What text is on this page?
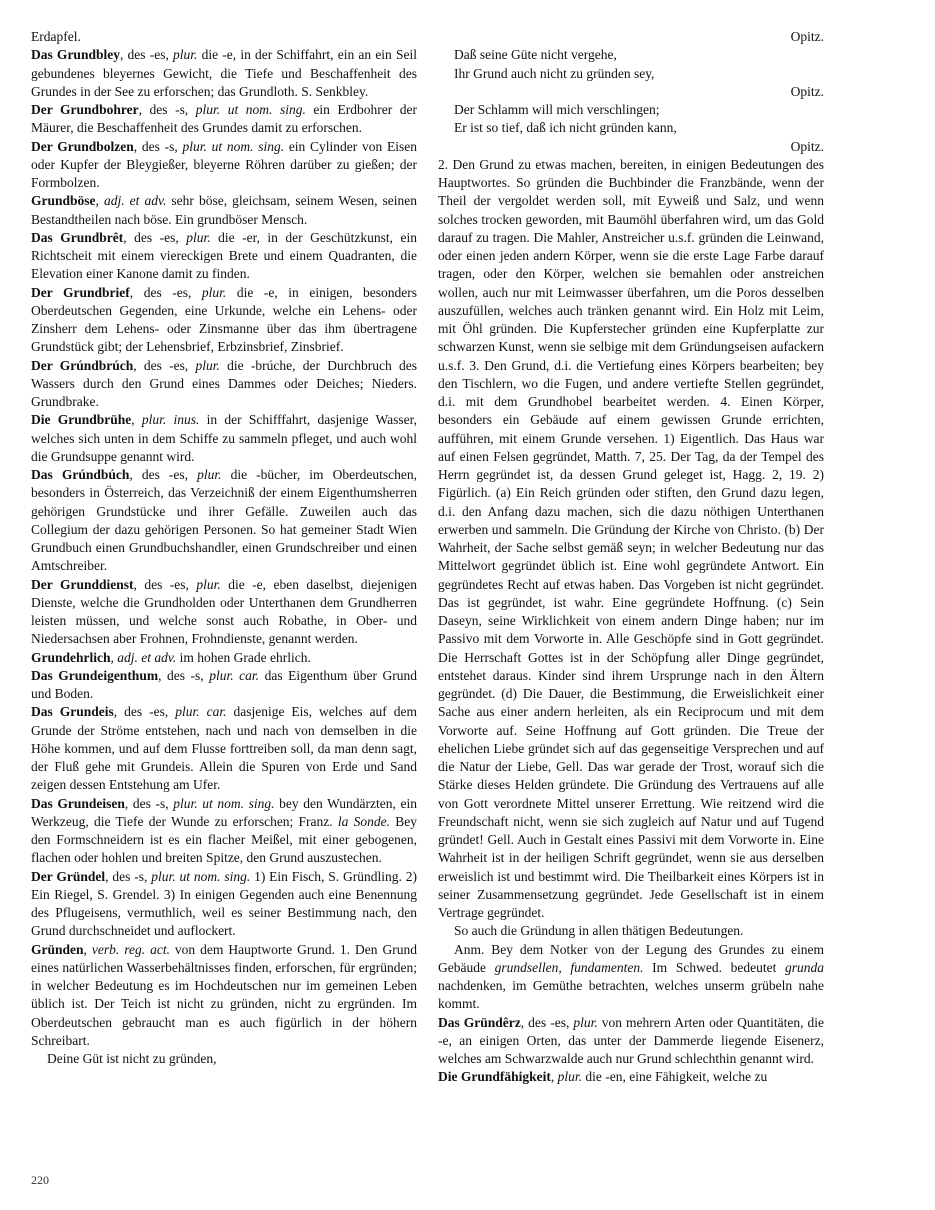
Erdapfel.
Das Grundbley, des -es, plur. die -e, in der Schiffahrt, ein an ein Seil gebundenes bleyernes Gewicht, die Tiefe und Beschaffenheit des Grundes in der See zu erforschen; das Grundloth. S. Senkbley.
Der Grundbohrer, des -s, plur. ut nom. sing. ein Erdbohrer der Mäurer, die Beschaffenheit des Grundes damit zu erforschen.
Der Grundbolzen, des -s, plur. ut nom. sing. ein Cylinder von Eisen oder Kupfer der Bleygießer, bleyerne Röhren darüber zu gießen; der Formbolzen.
Grundböse, adj. et adv. sehr böse, gleichsam, seinem Wesen, seinen Bestandtheilen nach böse. Ein grundböser Mensch.
Das Grundbrêt, des -es, plur. die -er, in der Geschützkunst, ein Richtscheit mit einem viereckigen Brete und einem Quadranten, die Elevation einer Kanone damit zu finden.
Der Grundbrief, des -es, plur. die -e, in einigen, besonders Oberdeutschen Gegenden, eine Urkunde, welche ein Lehens- oder Zinsherr dem Lehens- oder Zinsmanne über das ihm übertragene Grundstück gibt; der Lehensbrief, Erbzinsbrief, Zinsbrief.
Der Grúndbrúch, des -es, plur. die -brúche, der Durchbruch des Wassers durch den Grund eines Dammes oder Deiches; Nieders. Grundbrake.
Die Grundbrühe, plur. inus. in der Schifffahrt, dasjenige Wasser, welches sich unten in dem Schiffe zu sammeln pfleget, und auch wohl die Grundsuppe genannt wird.
Das Grúndbúch, des -es, plur. die -bücher, im Oberdeutschen, besonders in Österreich, das Verzeichniß der einem Eigenthumsherren gehörigen Grundstücke und ihrer Gefälle. Zuweilen auch das Collegium der dazu gehörigen Personen. So hat gemeiner Stadt Wien Grundbuch einen Grundbuchshandler, einen Grundschreiber und einen Amtschreiber.
Der Grunddienst, des -es, plur. die -e, eben daselbst, diejenigen Dienste, welche die Grundholden oder Unterthanen dem Grundherren leisten müssen, und welche sonst auch Robathe, in Ober- und Niedersachsen aber Frohnen, Frohndienste, genannt werden.
Grundehrlich, adj. et adv. im hohen Grade ehrlich.
Das Grundeigenthum, des -s, plur. car. das Eigenthum über Grund und Boden.
Das Grundeis, des -es, plur. car. dasjenige Eis, welches auf dem Grunde der Ströme entstehen, nach und nach von demselben in die Höhe kommen, und auf dem Flusse forttreiben soll, da man denn sagt, der Fluß gehe mit Grundeis. Allein die Spuren von Erde und Sand zeigen dessen Entstehung am Ufer.
Das Grundeisen, des -s, plur. ut nom. sing. bey den Wundärzten, ein Werkzeug, die Tiefe der Wunde zu erforschen; Franz. la Sonde. Bey den Formschneidern ist es ein flacher Meißel, mit einer gebogenen, flachen oder hohlen und breiten Spitze, den Grund auszustechen.
Der Gründel, des -s, plur. ut nom. sing. 1) Ein Fisch, S. Gründling. 2) Ein Riegel, S. Grendel. 3) In einigen Gegenden auch eine Benennung des Pflugeisens, vermuthlich, weil es seiner Bestimmung nach, den Grund durchschneidet und auflockert.
Gründen, verb. reg. act. von dem Hauptworte Grund. 1. Den Grund eines natürlichen Wasserbehältnisses finden, erforschen, für ergründen; in welcher Bedeutung es im Hochdeutschen nur im gemeinen Leben üblich ist. Der Teich ist nicht zu gründen, nicht zu ergründen. Im Oberdeutschen gebraucht man es auch figürlich in der höhern Schreibart.
Deine Güt ist nicht zu gründen,
Opitz.
Daß seine Güte nicht vergehe,
Ihr Grund auch nicht zu gründen sey,
Opitz.
Der Schlamm will mich verschlingen;
Er ist so tief, daß ich nicht gründen kann,
Opitz.
2. Den Grund zu etwas machen, bereiten, in einigen Bedeutungen des Hauptwortes. So gründen die Buchbinder die Franzbände, wenn der Theil der vergoldet werden soll, mit Eyweiß und Salz, und wenn solches trocken geworden, mit Baumöhl überfahren wird, um das Gold darauf zu tragen. Die Mahler, Anstreicher u.s.f. gründen die Leinwand, oder einen jeden andern Körper, wenn sie die erste Lage Farbe darauf tragen, oder den Körper, welchen sie bemahlen oder anstreichen wollen, auch nur mit Leimwasser überfahren, um die Poros desselben auszufüllen, welches auch tränken genannt wird. Ein Holz mit Leim, mit Öhl gründen. Die Kupferstecher gründen eine Kupferplatte zur schwarzen Kunst, wenn sie selbige mit dem Gründungseisen aufackern u.s.f. 3. Den Grund, d.i. die Vertiefung eines Körpers bearbeiten; bey den Tischlern, wo die Fugen, und andere vertiefte Stellen gegründet, d.i. mit dem Grundhobel bearbeitet werden. 4. Einen Körper, besonders ein Gebäude auf einem gewissen Grunde errichten, aufführen, mit einem Grunde versehen. 1) Eigentlich. Das Haus war auf einen Felsen gegründet, Matth. 7, 25. Der Tag, da der Tempel des Herrn gegründet ist, da dessen Grund geleget ist, Hagg. 2, 19. 2) Figürlich. (a) Ein Reich gründen oder stiften, den Grund dazu legen, d.i. den Anfang dazu machen, sich die dazu nöthigen Unterthanen erwerben und sammeln. Die Gründung der Kirche von Christo. (b) Der Wahrheit, der Sache selbst gemäß seyn; in welcher Bedeutung nur das Mittelwort gegründet üblich ist. Eine wohl gegründete Antwort. Ein gegründetes Recht auf etwas haben. Das Vorgeben ist nicht gegründet. Das ist gegründet, ist wahr. Eine gegründete Hoffnung. (c) Sein Daseyn, seine Wirklichkeit von einem andern Dinge haben; nur im Passivo mit dem Vorworte in. Alle Geschöpfe sind in Gott gegründet. Die Herrschaft Gottes ist in der Schöpfung aller Dinge gegründet, entstehet daraus. Kinder sind ihrem Ursprunge nach in den Ältern gegründet. (d) Die Dauer, die Bestimmung, die Erweislichkeit einer Sache aus einer andern herleiten, als ein Reciprocum und mit dem Vorworte auf. Seine Hoffnung auf Gott gründen. Die Treue der ehelichen Liebe gründet sich auf das gegenseitige Versprechen und auf die Natur der Liebe, Gell. Das war gerade der Trost, worauf sich die Stärke dieses Helden gründete. Die Gründung des Vertrauens auf alle von Gott verordnete Mittel unserer Errettung. Wie reitzend wird die Freundschaft nicht, wenn sie sich zugleich auf Natur und auf Tugend gründet! Gell. Auch in Gestalt eines Passivi mit dem Vorworte in. Eine Wahrheit ist in der heiligen Schrift gegründet, wenn sie aus derselben erweislich ist und bestimmt wird. Die Theilbarkeit eines Körpers ist in seiner Zusammensetzung gegründet. Jede Gesellschaft ist in einem Vertrage gegründet.
So auch die Gründung in allen thätigen Bedeutungen.
Anm. Bey dem Notker von der Legung des Grundes zu einem Gebäude grundsellen, fundamenten. Im Schwed. bedeutet grunda nachdenken, im Gemüthe betrachten, welches unserm grübeln nahe kommt.
Das Gründêrz, des -es, plur. von mehrern Arten oder Quantitäten, die -e, an einigen Orten, das unter der Dammerde liegende Eisenerz, welches am Schwarzwalde auch nur Grund schlechthin genannt wird.
Die Grundfähigkeit, plur. die -en, eine Fähigkeit, welche zu
220
